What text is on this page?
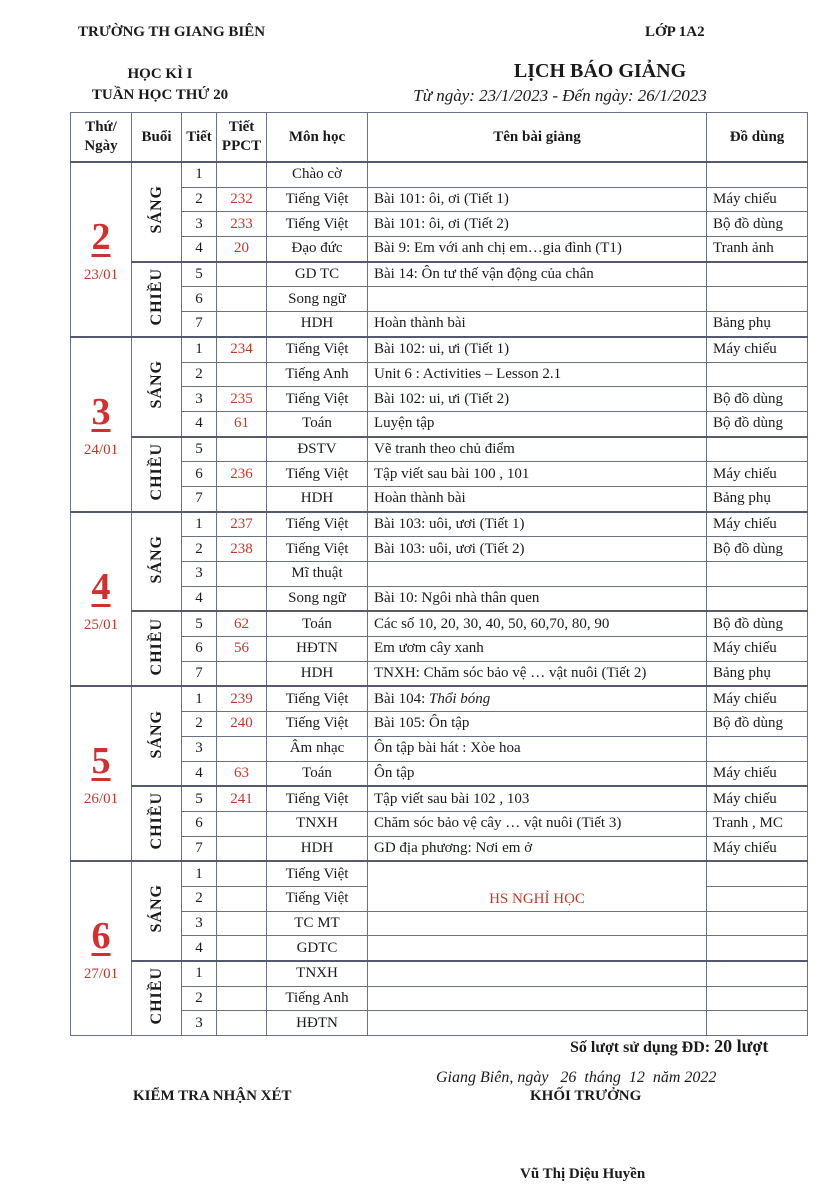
TRƯỜNG TH GIANG BIÊN	LỚP 1A2
HỌC KÌ I
TUẦN HỌC THỨ 20
LỊCH BÁO GIẢNG
Từ ngày: 23/1/2023 - Đến ngày: 26/1/2023
Thứ/ Ngày	Buổi	Tiết	Tiết PPCT	Môn học	Tên bài giảng	Đồ dùng

2
23/01	SÁNG	1		Chào cờ		
		2	232	Tiếng Việt	Bài 101: ôi, ơi (Tiết 1)	Máy chiếu
		3	233	Tiếng Việt	Bài 101: ôi, ơi (Tiết 2)	Bộ đồ dùng
		4	20	Đạo đức	Bài 9: Em với anh chị em…gia đình (T1)	Tranh ảnh
	CHIỀU	5		GD TC	Bài 14: Ôn tư thế vận động của chân	
		6		Song ngữ		
		7		HDH	Hoàn thành bài	Bảng phụ

3
24/01	SÁNG	1	234	Tiếng Việt	Bài 102: ui, ưi (Tiết 1)	Máy chiếu
		2		Tiếng Anh	Unit 6 : Activities – Lesson 2.1	
		3	235	Tiếng Việt	Bài 102: ui, ưi (Tiết 2)	Bộ đồ dùng
		4	61	Toán	Luyện tập	Bộ đồ dùng
	CHIỀU	5		ĐSTV	Vẽ tranh theo chủ điểm	
		6	236	Tiếng Việt	Tập viết sau bài 100 , 101	Máy chiếu
		7		HDH	Hoàn thành bài	Bảng phụ

4
25/01	SÁNG	1	237	Tiếng Việt	Bài 103: uôi, ươi (Tiết 1)	Máy chiếu
		2	238	Tiếng Việt	Bài 103: uôi, ươi (Tiết 2)	Bộ đồ dùng
		3		Mĩ thuật		
		4		Song ngữ	Bài 10: Ngôi nhà thân quen	
	CHIỀU	5	62	Toán	Các số 10, 20, 30, 40, 50, 60,70, 80, 90	Bộ đồ dùng
		6	56	HĐTN	Em ươm cây xanh	Máy chiếu
		7		HDH	TNXH: Chăm sóc bảo vệ … vật nuôi (Tiết 2)	Bảng phụ

5
26/01	SÁNG	1	239	Tiếng Việt	Bài 104: Thổi bóng	Máy chiếu
		2	240	Tiếng Việt	Bài 105: Ôn tập	Bộ đồ dùng
		3		Âm nhạc	Ôn tập bài hát : Xòe hoa	
		4	63	Toán	Ôn tập	Máy chiếu
	CHIỀU	5	241	Tiếng Việt	Tập viết sau bài 102 , 103	Máy chiếu
		6		TNXH	Chăm sóc bảo vệ cây … vật nuôi (Tiết 3)	Tranh , MC
		7		HDH	GD địa phương: Nơi em ở	Máy chiếu

6
27/01	SÁNG	1		Tiếng Việt	HS NGHỈ HỌC	
		2		Tiếng Việt		
		3		TC MT		
		4		GDTC		
	CHIỀU	1		TNXH		
		2		Tiếng Anh		
		3		HĐTN		
Số lượt sử dụng ĐD: 20 lượt
Giang Biên, ngày   26  tháng  12  năm 2022
KIỂM TRA NHẬN XÉT	KHỐI TRƯỞNG
Vũ Thị Diệu Huyền
